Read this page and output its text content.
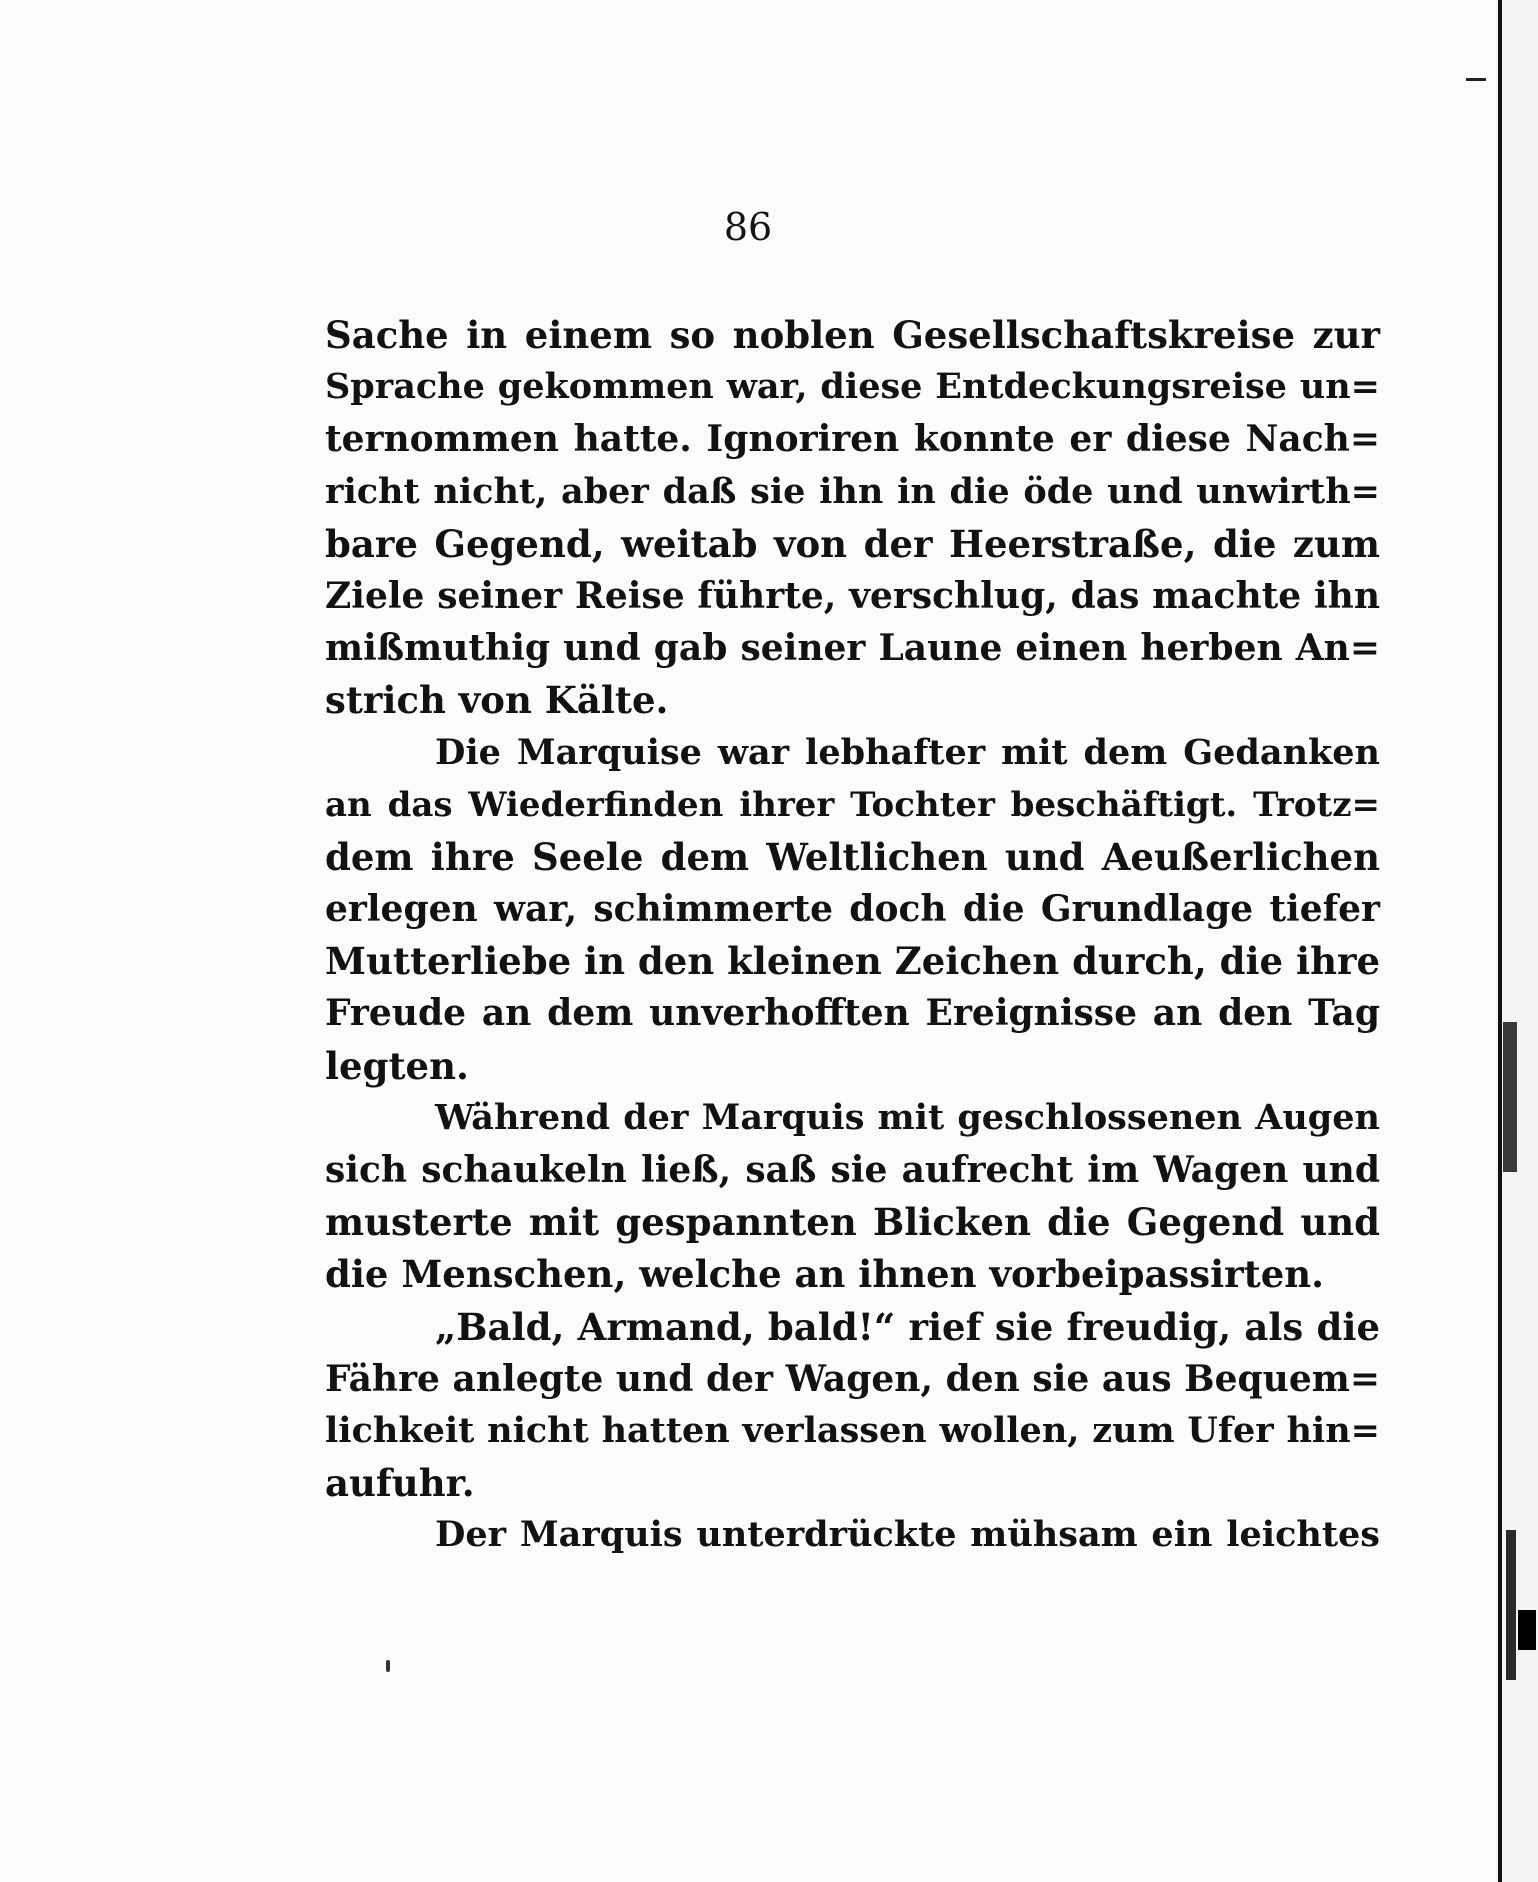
86
Sache in einem so noblen Gesellschaftskreise zur
Sprache gekommen war, diese Entdeckungsreise un=
ternommen hatte. Ignoriren konnte er diese Nach=
richt nicht, aber daß sie ihn in die öde und unwirth=
bare Gegend, weitab von der Heerstraße, die zum
Ziele seiner Reise führte, verschlug, das machte ihn
mißmuthig und gab seiner Laune einen herben An=
strich von Kälte.
Die Marquise war lebhafter mit dem Gedanken
an das Wiederfinden ihrer Tochter beschäftigt. Trotz=
dem ihre Seele dem Weltlichen und Aeußerlichen
erlegen war, schimmerte doch die Grundlage tiefer
Mutterliebe in den kleinen Zeichen durch, die ihre
Freude an dem unverhofften Ereignisse an den Tag
legten.
Während der Marquis mit geschlossenen Augen
sich schaukeln ließ, saß sie aufrecht im Wagen und
musterte mit gespannten Blicken die Gegend und
die Menschen, welche an ihnen vorbeipassirten.
„Bald, Armand, bald!“ rief sie freudig, als die
Fähre anlegte und der Wagen, den sie aus Bequem=
lichkeit nicht hatten verlassen wollen, zum Ufer hin=
aufuhr.
Der Marquis unterdrückte mühsam ein leichtes
